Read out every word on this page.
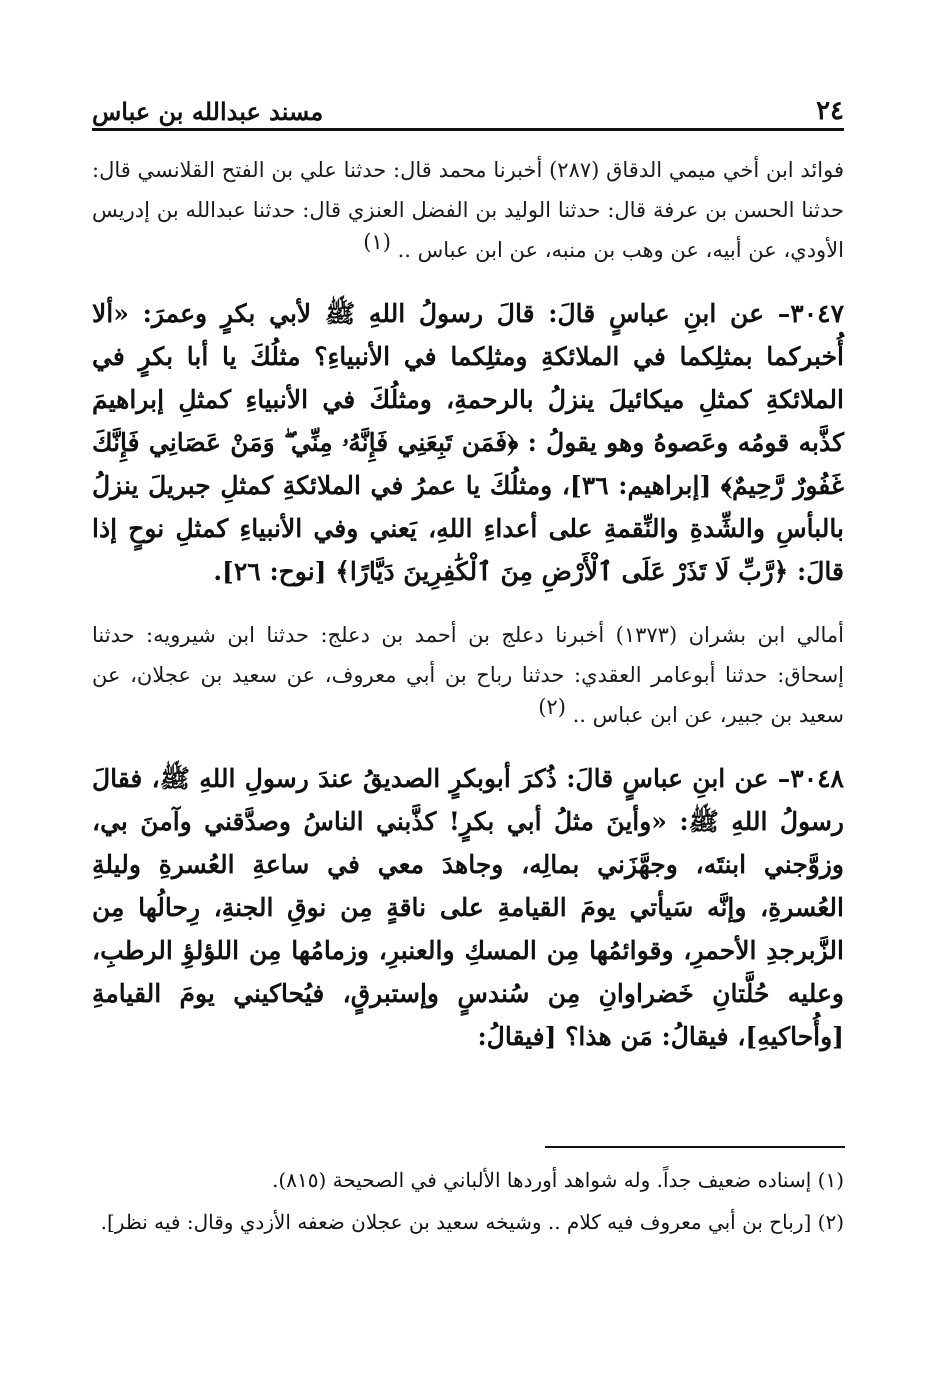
٢٤
مسند عبدالله بن عباس

فوائد ابن أخي ميمي الدقاق (٢٨٧) أخبرنا محمد قال: حدثنا علي بن الفتح القلانسي قال: حدثنا الحسن بن عرفة قال: حدثنا الوليد بن الفضل العنزي قال: حدثنا عبدالله بن إدريس الأودي، عن أبيه، عن وهب بن منبه، عن ابن عباس .. (١)

٣٠٤٧– عن ابنِ عباسٍ قالَ: قالَ رسولُ اللهِ ﷺ لأبي بكرٍ وعمرَ: «ألا أُخبركما بمثلِكما في الملائكةِ ومثلِكما في الأنبياءِ؟ مثلُكَ يا أبا بكرٍ في الملائكةِ كمثلِ ميكائيلَ ينزلُ بالرحمةِ، ومثلُكَ في الأنبياءِ كمثلِ إبراهيمَ كذَّبه قومُه وعَصوهُ وهو يقولُ : ﴿فَمَن تَبِعَنِي فَإِنَّهُۥ مِنِّي ۖ وَمَنْ عَصَانِي فَإِنَّكَ غَفُورٌ رَّحِيمٌ﴾ [إبراهيم: ٣٦]، ومثلُكَ يا عمرُ في الملائكةِ كمثلِ جبريلَ ينزلُ بالبأسِ والشِّدةِ والنِّقمةِ على أعداءِ اللهِ، يَعني وفي الأنبياءِ كمثلِ نوحٍ إذا قالَ: ﴿رَّبِّ لَا تَذَرْ عَلَى ٱلْأَرْضِ مِنَ ٱلْكَٰفِرِينَ دَيَّارًا﴾ [نوح: ٢٦].

أمالي ابن بشران (١٣٧٣) أخبرنا دعلج بن أحمد بن دعلج: حدثنا ابن شيرويه: حدثنا إسحاق: حدثنا أبوعامر العقدي: حدثنا رباح بن أبي معروف، عن سعيد بن عجلان، عن سعيد بن جبير، عن ابن عباس .. (٢)

٣٠٤٨– عن ابنِ عباسٍ قالَ: ذُكرَ أبوبكرٍ الصديقُ عندَ رسولِ اللهِ ﷺ، فقالَ رسولُ اللهِ ﷺ: «وأينَ مثلُ أبي بكرٍ! كذَّبني الناسُ وصدَّقني وآمنَ بي، وزوَّجني ابنتَه، وجهَّزَني بمالِه، وجاهدَ معي في ساعةِ العُسرةِ وليلةِ العُسرةِ، وإنَّه سَيأتي يومَ القيامةِ على ناقةٍ مِن نوقِ الجنةِ، رِحالُها مِن الزَّبرجدِ الأحمرِ، وقوائمُها مِن المسكِ والعنبرِ، وزمامُها مِن اللؤلؤِ الرطبِ، وعليه حُلَّتانِ خَضراوانِ مِن سُندسٍ وإستبرقٍ، فيُحاكيني يومَ القيامةِ [وأُحاكيهِ]، فيقالُ: مَن هذا؟ [فيقالُ:

(١) إسناده ضعيف جداً. وله شواهد أوردها الألباني في الصحيحة (٨١٥).

(٢) [رباح بن أبي معروف فيه كلام .. وشيخه سعيد بن عجلان ضعفه الأزدي وقال: فيه نظر].
